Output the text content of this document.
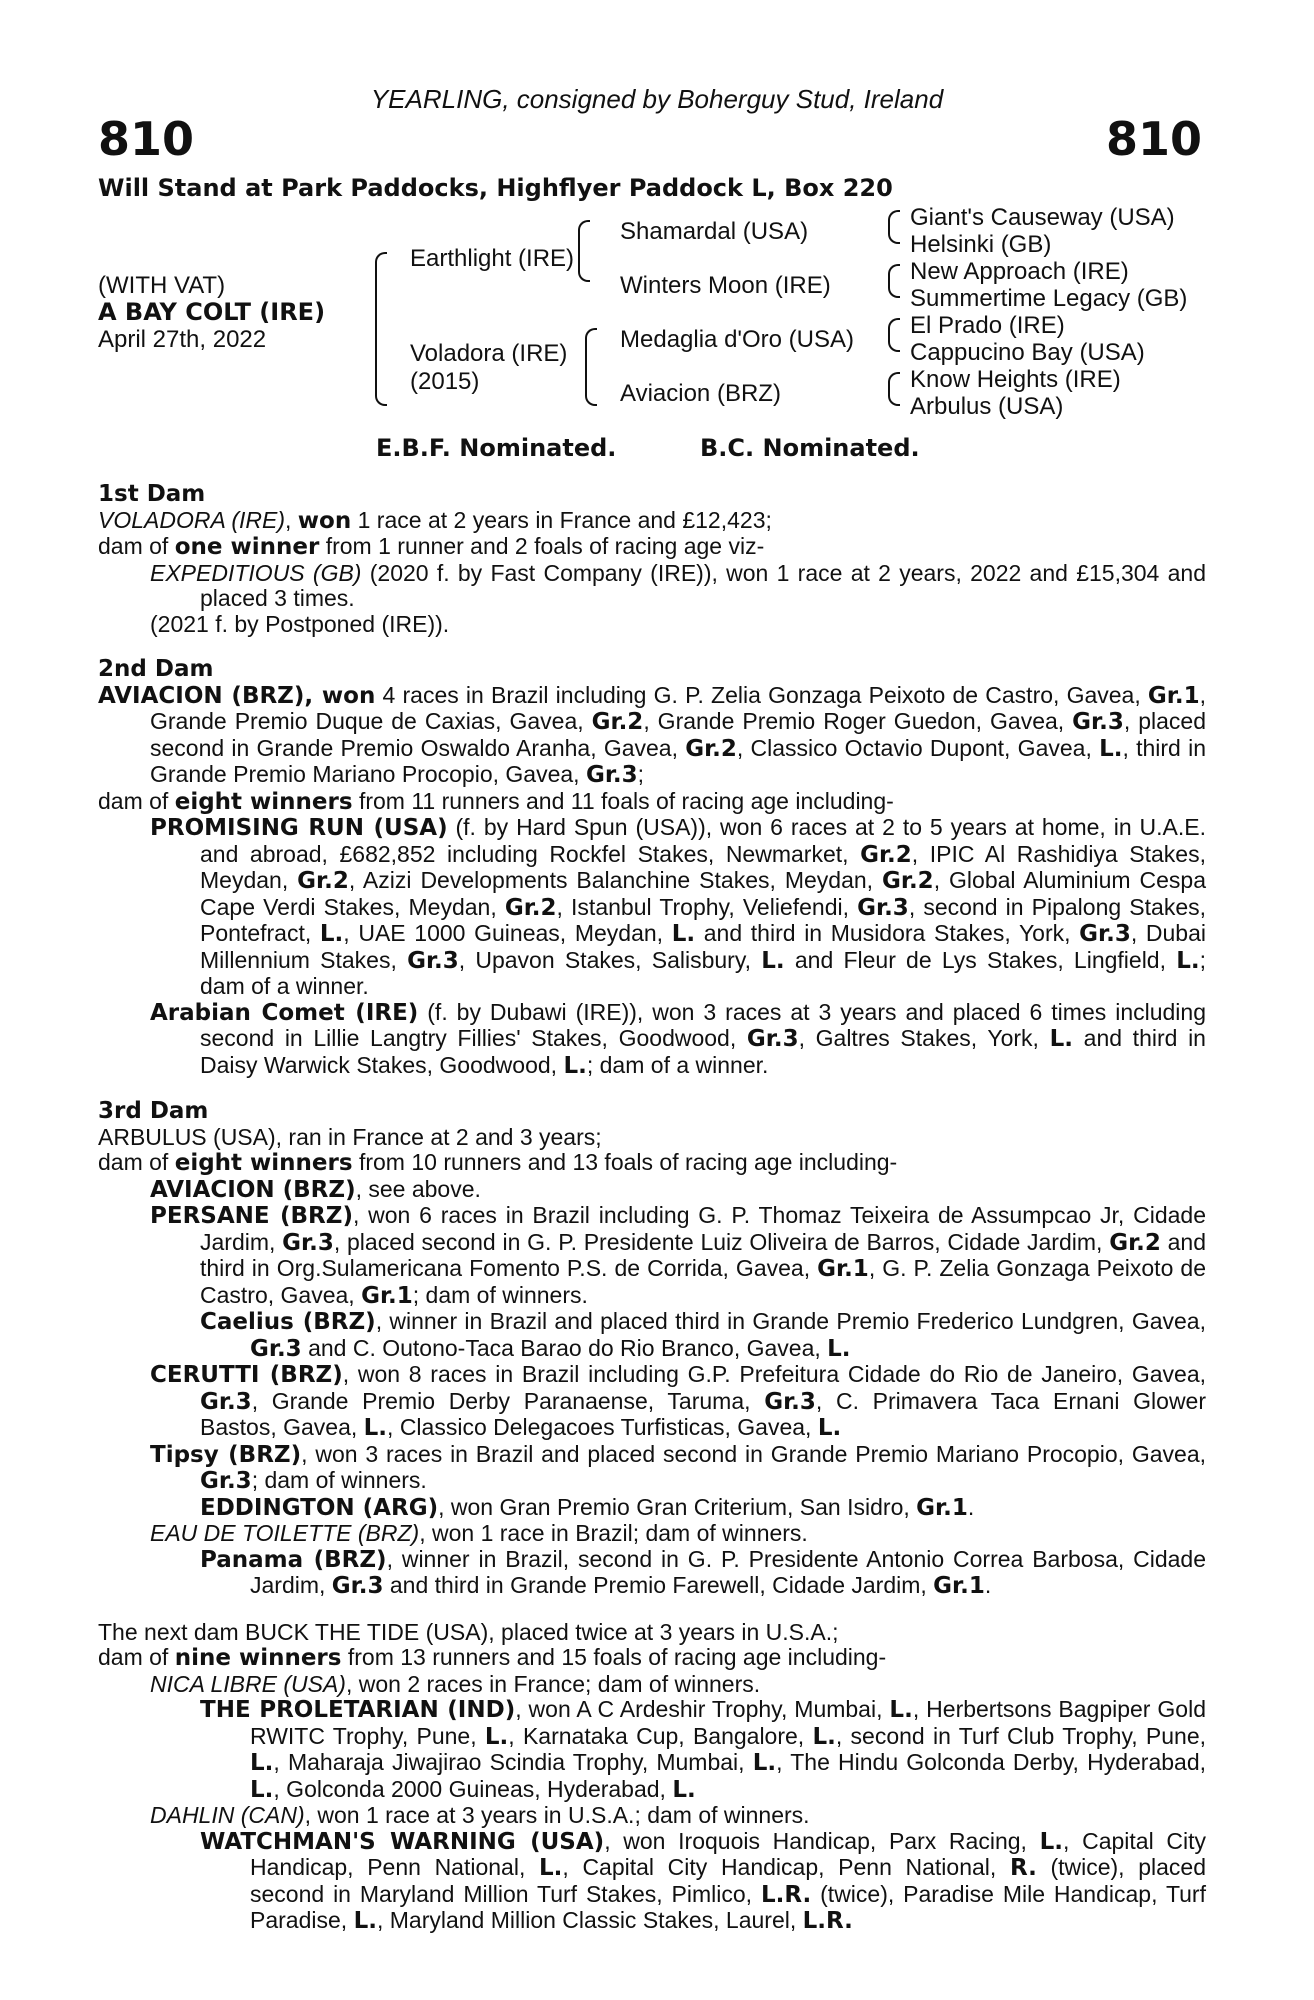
YEARLING, consigned by Boherguy Stud, Ireland
810	810
Will Stand at Park Paddocks, Highflyer Paddock L, Box 220
(WITH VAT)
A BAY COLT (IRE)
April 27th, 2022
Earthlight (IRE)
Voladora (IRE)
(2015)
Shamardal (USA)
Winters Moon (IRE)
Medaglia d'Oro (USA)
Aviacion (BRZ)
Giant's Causeway (USA)
Helsinki (GB)
New Approach (IRE)
Summertime Legacy (GB)
El Prado (IRE)
Cappucino Bay (USA)
Know Heights (IRE)
Arbulus (USA)
E.B.F. Nominated.	B.C. Nominated.

1st Dam

VOLADORA (IRE), won 1 race at 2 years in France and £12,423;

dam of one winner from 1 runner and 2 foals of racing age viz-

EXPEDITIOUS (GB) (2020 f. by Fast Company (IRE)), won 1 race at 2 years, 2022 and £15,304 and placed 3 times.

(2021 f. by Postponed (IRE)).

2nd Dam

AVIACION (BRZ), won 4 races in Brazil including G. P. Zelia Gonzaga Peixoto de Castro, Gavea, Gr.1, Grande Premio Duque de Caxias, Gavea, Gr.2, Grande Premio Roger Guedon, Gavea, Gr.3, placed second in Grande Premio Oswaldo Aranha, Gavea, Gr.2, Classico Octavio Dupont, Gavea, L., third in Grande Premio Mariano Procopio, Gavea, Gr.3;

dam of eight winners from 11 runners and 11 foals of racing age including-

PROMISING RUN (USA) (f. by Hard Spun (USA)), won 6 races at 2 to 5 years at home, in U.A.E. and abroad, £682,852 including Rockfel Stakes, Newmarket, Gr.2, IPIC Al Rashidiya Stakes, Meydan, Gr.2, Azizi Developments Balanchine Stakes, Meydan, Gr.2, Global Aluminium Cespa Cape Verdi Stakes, Meydan, Gr.2, Istanbul Trophy, Veliefendi, Gr.3, second in Pipalong Stakes, Pontefract, L., UAE 1000 Guineas, Meydan, L. and third in Musidora Stakes, York, Gr.3, Dubai Millennium Stakes, Gr.3, Upavon Stakes, Salisbury, L. and Fleur de Lys Stakes, Lingfield, L.; dam of a winner.

Arabian Comet (IRE) (f. by Dubawi (IRE)), won 3 races at 3 years and placed 6 times including second in Lillie Langtry Fillies' Stakes, Goodwood, Gr.3, Galtres Stakes, York, L. and third in Daisy Warwick Stakes, Goodwood, L.; dam of a winner.

3rd Dam

ARBULUS (USA), ran in France at 2 and 3 years;

dam of eight winners from 10 runners and 13 foals of racing age including-

AVIACION (BRZ), see above.

PERSANE (BRZ), won 6 races in Brazil including G. P. Thomaz Teixeira de Assumpcao Jr, Cidade Jardim, Gr.3, placed second in G. P. Presidente Luiz Oliveira de Barros, Cidade Jardim, Gr.2 and third in Org.Sulamericana Fomento P.S. de Corrida, Gavea, Gr.1, G. P. Zelia Gonzaga Peixoto de Castro, Gavea, Gr.1; dam of winners.

Caelius (BRZ), winner in Brazil and placed third in Grande Premio Frederico Lundgren, Gavea, Gr.3 and C. Outono-Taca Barao do Rio Branco, Gavea, L.

CERUTTI (BRZ), won 8 races in Brazil including G.P. Prefeitura Cidade do Rio de Janeiro, Gavea, Gr.3, Grande Premio Derby Paranaense, Taruma, Gr.3, C. Primavera Taca Ernani Glower Bastos, Gavea, L., Classico Delegacoes Turfisticas, Gavea, L.

Tipsy (BRZ), won 3 races in Brazil and placed second in Grande Premio Mariano Procopio, Gavea, Gr.3; dam of winners.

EDDINGTON (ARG), won Gran Premio Gran Criterium, San Isidro, Gr.1.

EAU DE TOILETTE (BRZ), won 1 race in Brazil; dam of winners.

Panama (BRZ), winner in Brazil, second in G. P. Presidente Antonio Correa Barbosa, Cidade Jardim, Gr.3 and third in Grande Premio Farewell, Cidade Jardim, Gr.1.

The next dam BUCK THE TIDE (USA), placed twice at 3 years in U.S.A.;

dam of nine winners from 13 runners and 15 foals of racing age including-

NICA LIBRE (USA), won 2 races in France; dam of winners.

THE PROLETARIAN (IND), won A C Ardeshir Trophy, Mumbai, L., Herbertsons Bagpiper Gold RWITC Trophy, Pune, L., Karnataka Cup, Bangalore, L., second in Turf Club Trophy, Pune, L., Maharaja Jiwajirao Scindia Trophy, Mumbai, L., The Hindu Golconda Derby, Hyderabad, L., Golconda 2000 Guineas, Hyderabad, L.

DAHLIN (CAN), won 1 race at 3 years in U.S.A.; dam of winners.

WATCHMAN'S WARNING (USA), won Iroquois Handicap, Parx Racing, L., Capital City Handicap, Penn National, L., Capital City Handicap, Penn National, R. (twice), placed second in Maryland Million Turf Stakes, Pimlico, L.R. (twice), Paradise Mile Handicap, Turf Paradise, L., Maryland Million Classic Stakes, Laurel, L.R.
